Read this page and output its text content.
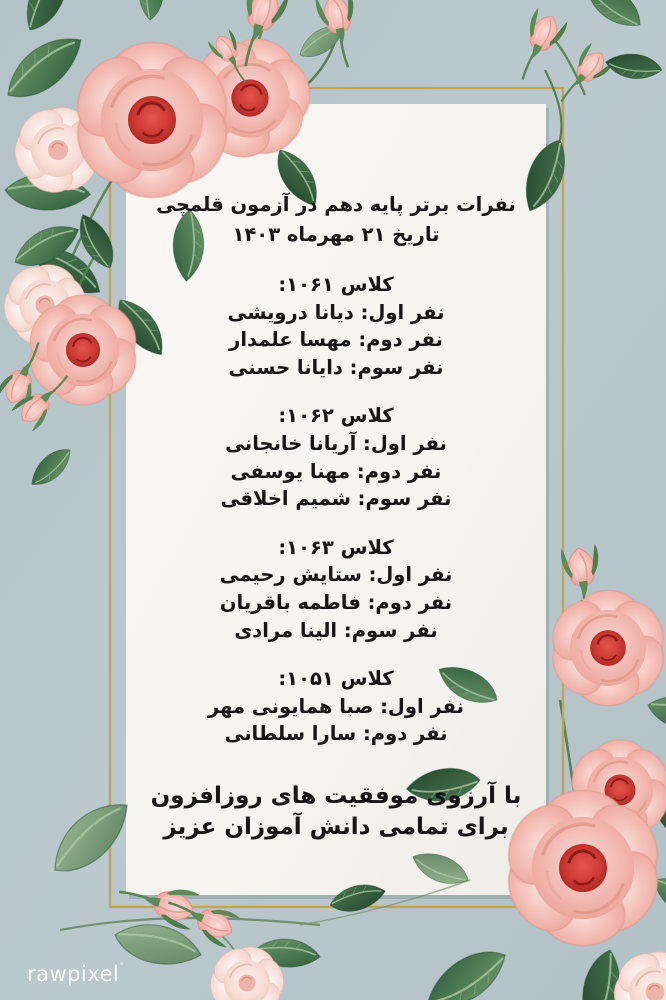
نفرات برتر پایه دهم در آزمون قلمچی
تاریخ ۲۱ مهرماه ۱۴۰۳
کلاس ۱۰۶۱:
نفر اول: دیانا درویشی
نفر دوم: مهسا علمدار
نفر سوم: دایانا حسنی
کلاس ۱۰۶۲:
نفر اول: آریانا خانجانی
نفر دوم: مهنا یوسفی
نفر سوم: شمیم اخلاقی
کلاس ۱۰۶۳:
نفر اول: ستایش رحیمی
نفر دوم: فاطمه باقریان
نفر سوم: الینا مرادی
کلاس ۱۰۵۱:
نفر اول: صبا همایونی مهر
نفر دوم: سارا سلطانی
با آرزوی موفقیت های روزافزون
برای تمامی دانش آموزان عزیز
rawpixel°
